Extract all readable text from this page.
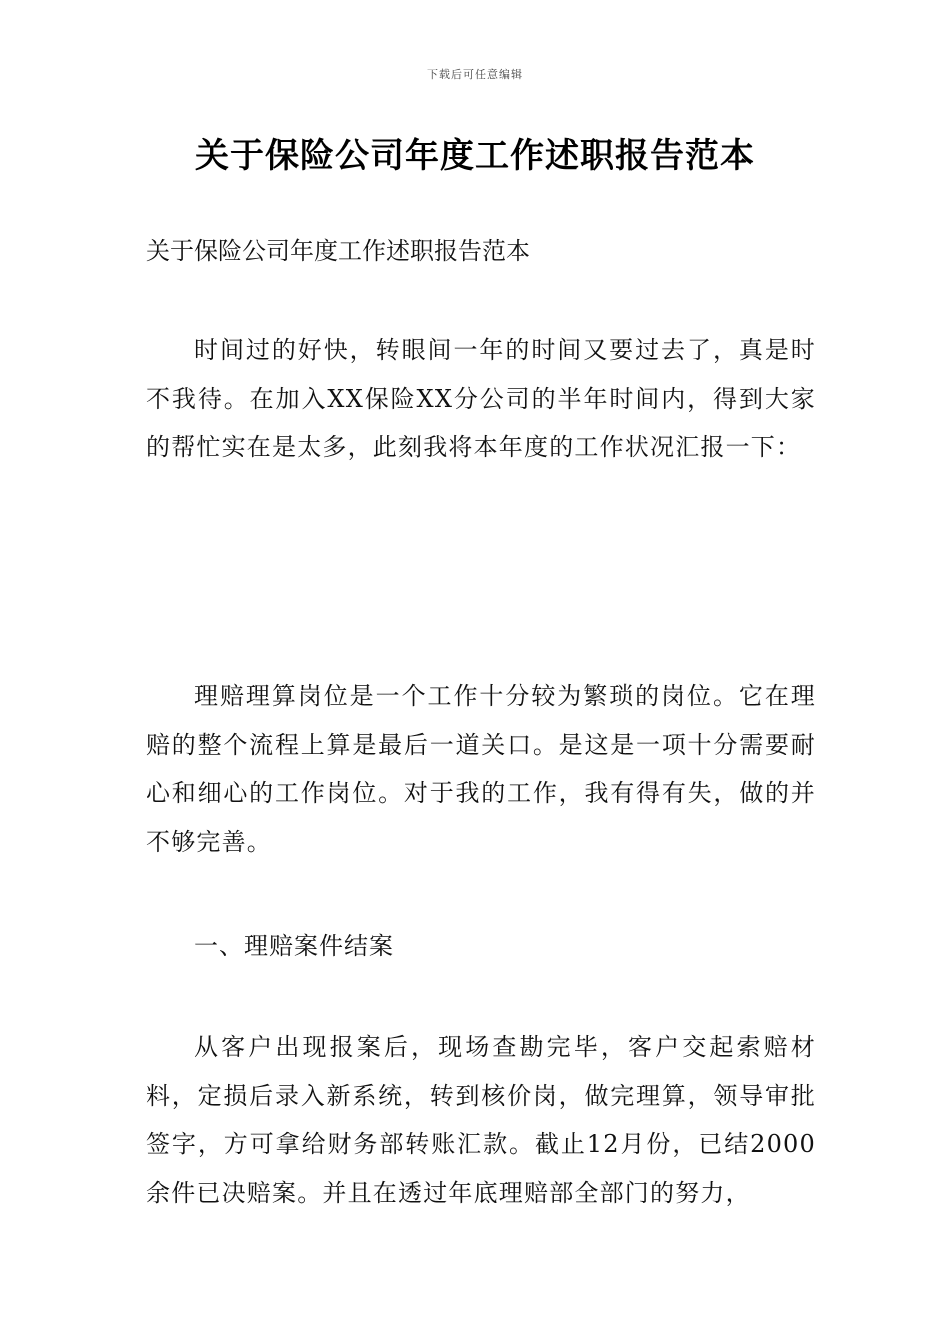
下载后可任意编辑
关于保险公司年度工作述职报告范本
关于保险公司年度工作述职报告范本

时间过的好快，转眼间一年的时间又要过去了，真是时不我待。在加入XX保险XX分公司的半年时间内，得到大家的帮忙实在是太多，此刻我将本年度的工作状况汇报一下：

理赔理算岗位是一个工作十分较为繁琐的岗位。它在理赔的整个流程上算是最后一道关口。是这是一项十分需要耐心和细心的工作岗位。对于我的工作，我有得有失，做的并不够完善。

一、理赔案件结案

从客户出现报案后，现场查勘完毕，客户交起索赔材料，定损后录入新系统，转到核价岗，做完理算，领导审批签字，方可拿给财务部转账汇款。截止12月份，已结2000余件已决赔案。并且在透过年底理赔部全部门的努力，
